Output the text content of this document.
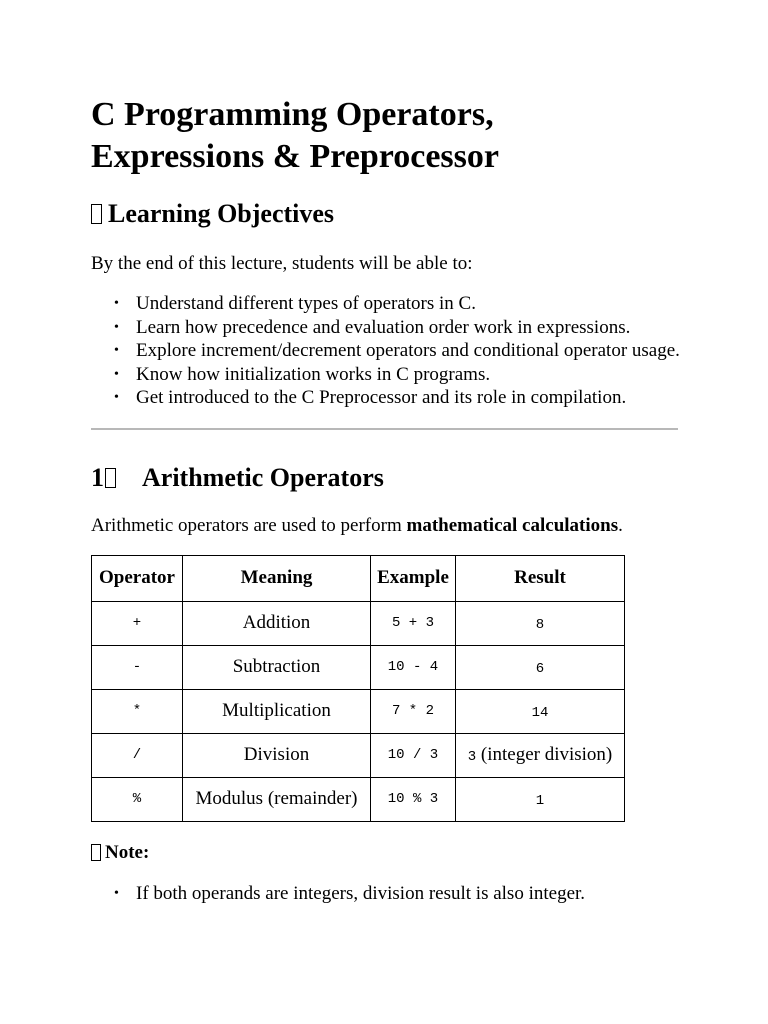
C Programming Operators,
Expressions & Preprocessor
Learning Objectives

By the end of this lecture, students will be able to:

• Understand different types of operators in C.
• Learn how precedence and evaluation order work in expressions.
• Explore increment/decrement operators and conditional operator usage.
• Know how initialization works in C programs.
• Get introduced to the C Preprocessor and its role in compilation.
1 Arithmetic Operators

Arithmetic operators are used to perform mathematical calculations.

Operator	Meaning	Example	Result
+	Addition	5 + 3	8
-	Subtraction	10 - 4	6
*	Multiplication	7 * 2	14
/	Division	10 / 3	3 (integer division)
%	Modulus (remainder)	10 % 3	1
Note:
• If both operands are integers, division result is also integer.
